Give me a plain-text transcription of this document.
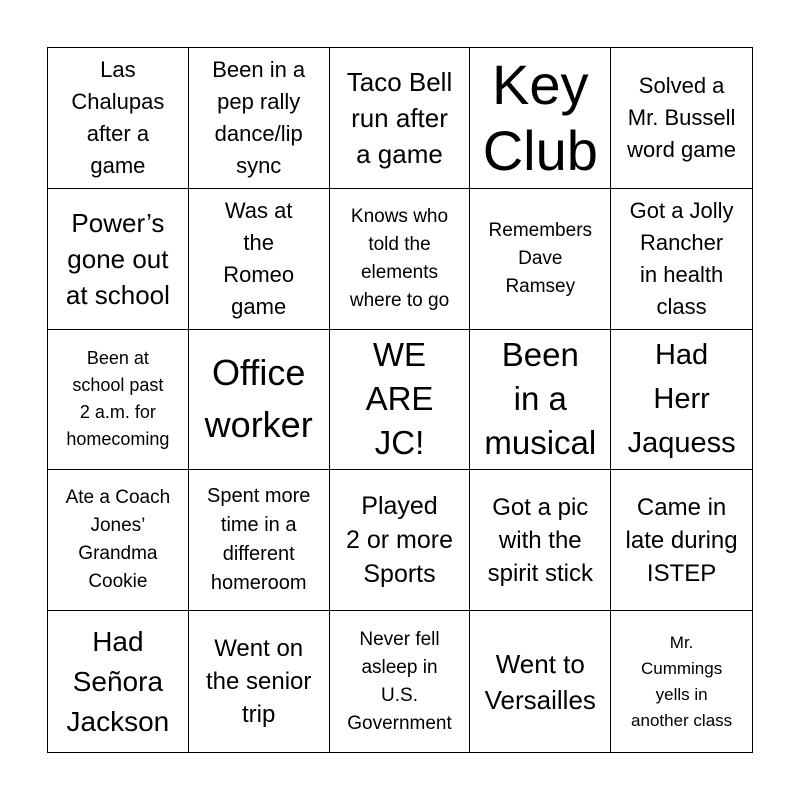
Las
Chalupas
after a
game
Been in a
pep rally
dance/lip
sync
Taco Bell
run after
a game
Key
Club
Solved a
Mr. Bussell
word game
Power’s
gone out
at school
Was at
the
Romeo
game
Knows who
told the
elements
where to go
Remembers
Dave
Ramsey
Got a Jolly
Rancher
in health
class
Been at
school past
2 a.m. for
homecoming
Office
worker
WE
ARE
JC!
Been
in a
musical
Had
Herr
Jaquess
Ate a Coach
Jones’
Grandma
Cookie
Spent more
time in a
different
homeroom
Played
2 or more
Sports
Got a pic
with the
spirit stick
Came in
late during
ISTEP
Had
Señora
Jackson
Went on
the senior
trip
Never fell
asleep in
U.S.
Government
Went to
Versailles
Mr.
Cummings
yells in
another class
